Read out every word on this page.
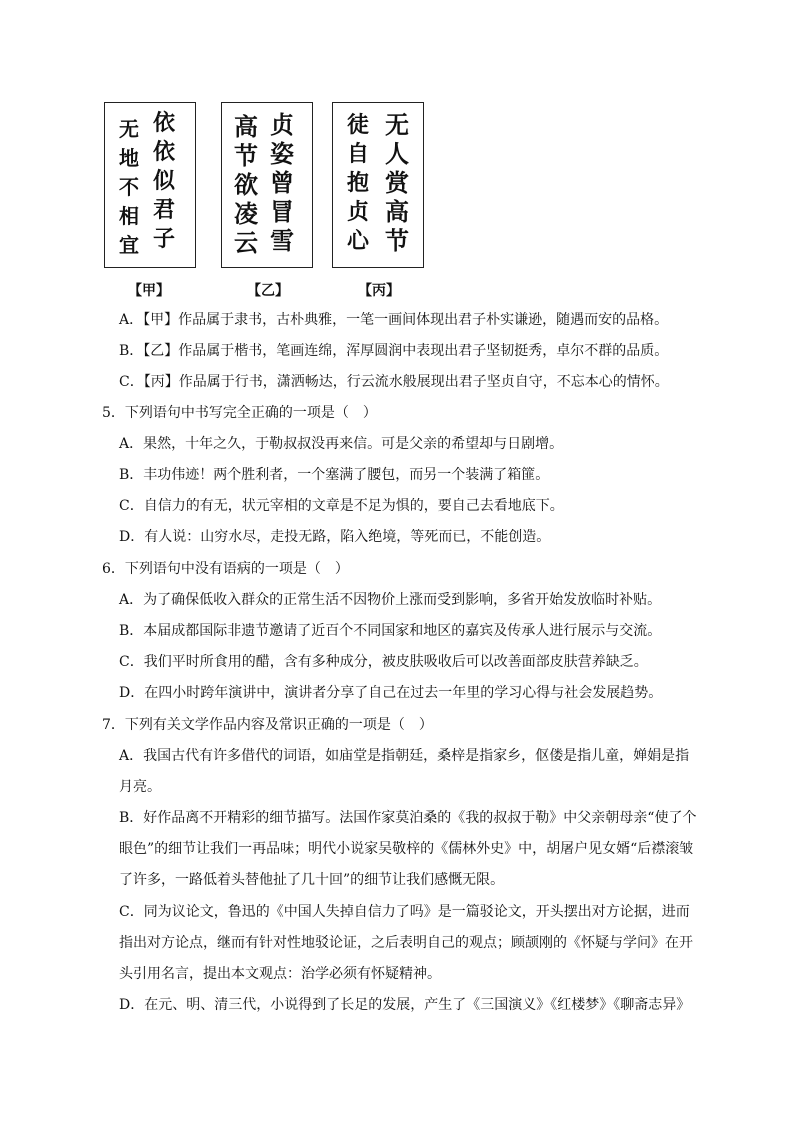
依
依
似
君
子
无
地
不
相
宜
贞
姿
曾
冒
雪
高
节
欲
凌
云
无
人
赏
高
节
徒
自
抱
贞
心
【甲】	【乙】	【丙】
A．【甲】作品属于隶书，古朴典雅，一笔一画间体现出君子朴实谦逊，随遇而安的品格。
B．【乙】作品属于楷书，笔画连绵，浑厚圆润中表现出君子坚韧挺秀，卓尔不群的品质。
C．【丙】作品属于行书，潇洒畅达，行云流水般展现出君子坚贞自守，不忘本心的情怀。
5．下列语句中书写完全正确的一项是（　）
A．果然，十年之久，于勒叔叔没再来信。可是父亲的希望却与日剧增。
B．丰功伟迹！两个胜利者，一个塞满了腰包，而另一个装满了箱篚。
C．自信力的有无，状元宰相的文章是不足为惧的，要自己去看地底下。
D．有人说：山穷水尽，走投无路，陷入绝境，等死而已，不能创造。
6．下列语句中没有语病的一项是（　）
A．为了确保低收入群众的正常生活不因物价上涨而受到影响，多省开始发放临时补贴。
B．本届成都国际非遗节邀请了近百个不同国家和地区的嘉宾及传承人进行展示与交流。
C．我们平时所食用的醋，含有多种成分，被皮肤吸收后可以改善面部皮肤营养缺乏。
D．在四小时跨年演讲中，演讲者分享了自己在过去一年里的学习心得与社会发展趋势。
7．下列有关文学作品内容及常识正确的一项是（　）
A．我国古代有许多借代的词语，如庙堂是指朝廷，桑梓是指家乡，伛偻是指儿童，婵娟是指
月亮。
B．好作品离不开精彩的细节描写。法国作家莫泊桑的《我的叔叔于勒》中父亲朝母亲“使了个
眼色”的细节让我们一再品味；明代小说家吴敬梓的《儒林外史》中，胡屠户见女婿“后襟滚皱
了许多，一路低着头替他扯了几十回”的细节让我们感慨无限。
C．同为议论文，鲁迅的《中国人失掉自信力了吗》是一篇驳论文，开头摆出对方论据，进而
指出对方论点，继而有针对性地驳论证，之后表明自己的观点；顾颉刚的《怀疑与学问》在开
头引用名言，提出本文观点：治学必须有怀疑精神。
D．在元、明、清三代，小说得到了长足的发展，产生了《三国演义》《红楼梦》《聊斋志异》
